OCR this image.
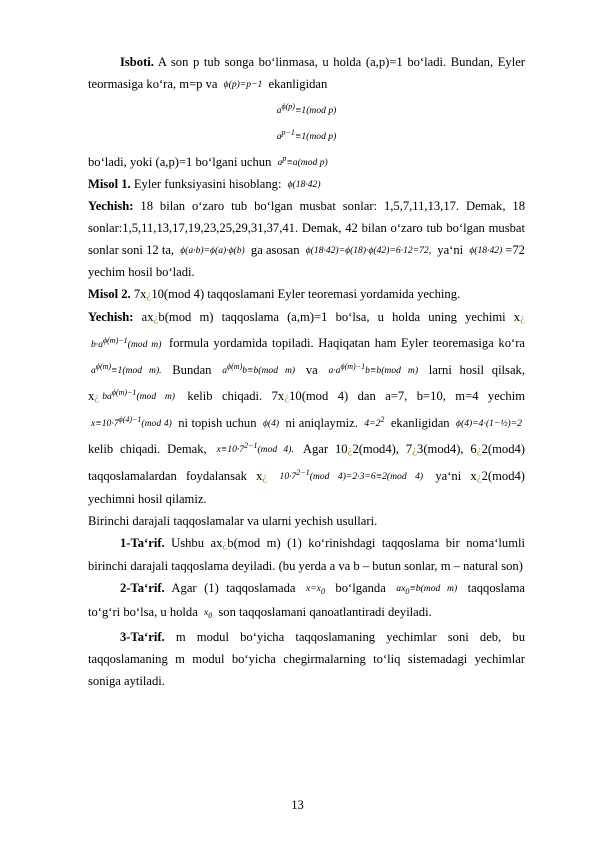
Isboti. A son p tub songa bo‘linmasa, u holda (a,p)=1 bo‘ladi. Bundan, Eyler teormasiga ko‘ra, m=p va ϕ(p)=p−1 ekanligidan

$a^{\phi(p)}\equiv 1(mod$ p)

$a^{p-1}\equiv 1(mod$ p)

bo‘ladi, yoki (a,p)=1 bo‘lgani uchun $a^p\equiv a(mod$ p)

Misol 1. Eyler funksiyasini hisoblang: ϕ(18·42)

Yechish: 18 bilan o‘zaro tub bo‘lgan musbat sonlar: 1,5,7,11,13,17. Demak, 18 sonlar:1,5,11,13,17,19,23,25,29,31,37,41. Demak, 42 bilan o‘zaro tub bo‘lgan musbat sonlar soni 12 ta, ϕ(a·b)=ϕ(a)·ϕ(b) ga asosan ϕ(18·42)=ϕ(18)·ϕ(42)=6·12=72, ya‘ni ϕ(18·42) =72 yechim hosil bo‘ladi.

Misol 2. 7x¿10(mod 4) taqqoslamani Eyler teoremasi yordamida yeching.

Yechish: ax¿b(mod m) taqqoslama (a,m)=1 bo‘lsa, u holda uning yechimi x¿ $b\cdot a^{\phi(m)-1}(mod$ m) formula yordamida topiladi. Haqiqatan ham Eyler teoremasiga ko‘ra $a^{\phi(m)}\equiv 1(mod$ m). Bundan $a^{\phi(m)}b\equiv b(mod$ m) va $a\cdot a^{\phi(m)-1}b\equiv b(mod$ m) larni hosil qilsak, x¿ $ba^{\phi(m)-1}(mod$ m) kelib chiqadi. 7x¿10(mod 4) dan a=7, b=10, m=4 yechim $x\equiv 10\cdot 7^{\phi(4)-1}(mod$ 4) ni topish uchun ϕ(4) ni aniqlaymiz. $4=2^2$ ekanligidan ϕ(4)=4·(1−½)=2 kelib chiqadi. Demak, $x\equiv 10\cdot 7^{2-1}(mod$ 4). Agar 10¿2(mod4), 7¿3(mod4), 6¿2(mod4) taqqoslamalardan foydalansak x¿ $10\cdot 7^{2-1}(mod$ 4)=2·3=6≡2(mod 4) ya‘ni x¿2(mod4) yechimni hosil qilamiz.

Birinchi darajali taqqoslamalar va ularni yechish usullari.

1-Ta‘rif. Ushbu ax¿b(mod m) (1) ko‘rinishdagi taqqoslama bir noma‘lumli birinchi darajali taqqoslama deyiladi. (bu yerda a va b – butun sonlar, m – natural son)

2-Ta‘rif. Agar (1) taqqoslamada $x=x_0$ bo‘lganda $ax_0\equiv b(mod$ m) taqqoslama to‘g‘ri bo‘lsa, u holda $x_0$ son taqqoslamani qanoatlantiradi deyiladi.

3-Ta‘rif. m modul bo‘yicha taqqoslamaning yechimlar soni deb, bu taqqoslamaning m modul bo‘yicha chegirmalarning to‘liq sistemadagi yechimlar soniga aytiladi.

13
